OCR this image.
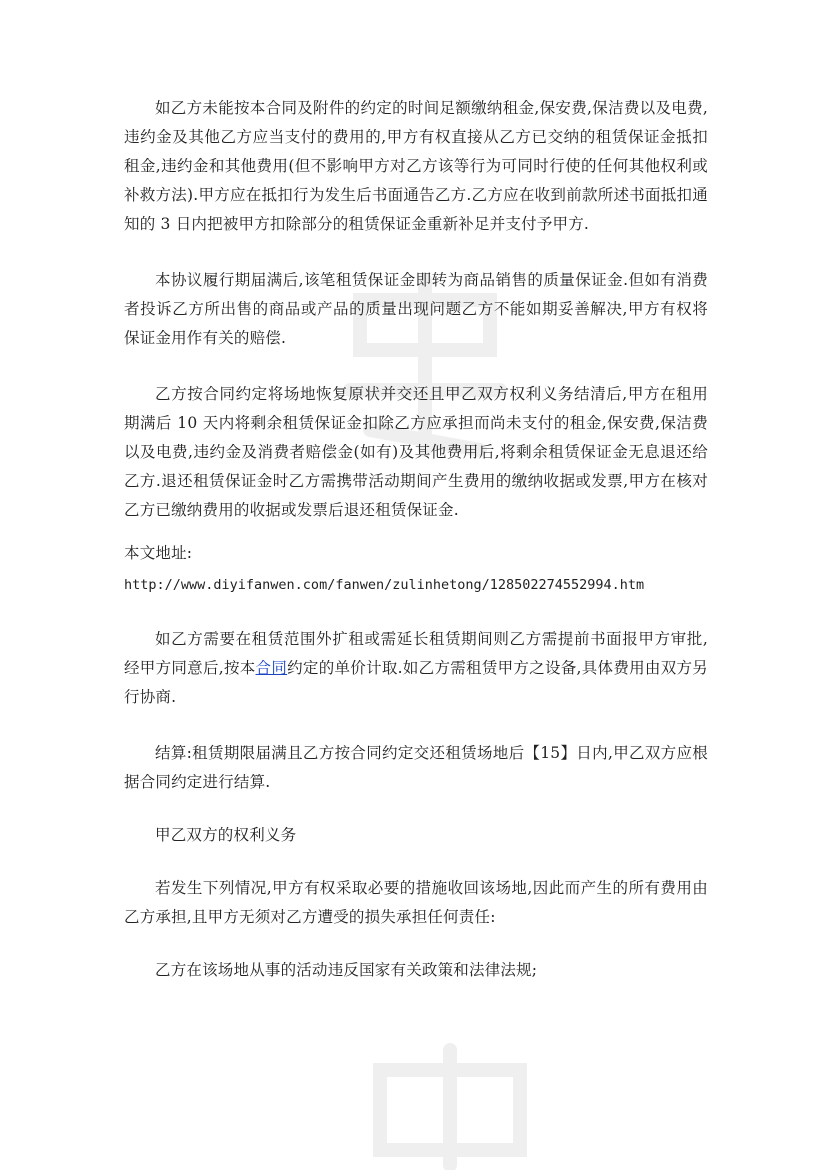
如乙方未能按本合同及附件的约定的时间足额缴纳租金,保安费,保洁费以及电费,违约金及其他乙方应当支付的费用的,甲方有权直接从乙方已交纳的租赁保证金抵扣租金,违约金和其他费用(但不影响甲方对乙方该等行为可同时行使的任何其他权利或补救方法).甲方应在抵扣行为发生后书面通告乙方.乙方应在收到前款所述书面抵扣通知的 3 日内把被甲方扣除部分的租赁保证金重新补足并支付予甲方.

本协议履行期届满后,该笔租赁保证金即转为商品销售的质量保证金.但如有消费者投诉乙方所出售的商品或产品的质量出现问题乙方不能如期妥善解决,甲方有权将保证金用作有关的赔偿.

乙方按合同约定将场地恢复原状并交还且甲乙双方权利义务结清后,甲方在租用期满后 10 天内将剩余租赁保证金扣除乙方应承担而尚未支付的租金,保安费,保洁费以及电费,违约金及消费者赔偿金(如有)及其他费用后,将剩余租赁保证金无息退还给乙方.退还租赁保证金时乙方需携带活动期间产生费用的缴纳收据或发票,甲方在核对乙方已缴纳费用的收据或发票后退还租赁保证金.

本文地址:

http://www.diyifanwen.com/fanwen/zulinhetong/128502274552994.htm

如乙方需要在租赁范围外扩租或需延长租赁期间则乙方需提前书面报甲方审批,经甲方同意后,按本合同约定的单价计取.如乙方需租赁甲方之设备,具体费用由双方另行协商.

结算:租赁期限届满且乙方按合同约定交还租赁场地后【15】日内,甲乙双方应根据合同约定进行结算.

甲乙双方的权利义务

若发生下列情况,甲方有权采取必要的措施收回该场地,因此而产生的所有费用由乙方承担,且甲方无须对乙方遭受的损失承担任何责任:

乙方在该场地从事的活动违反国家有关政策和法律法规;
